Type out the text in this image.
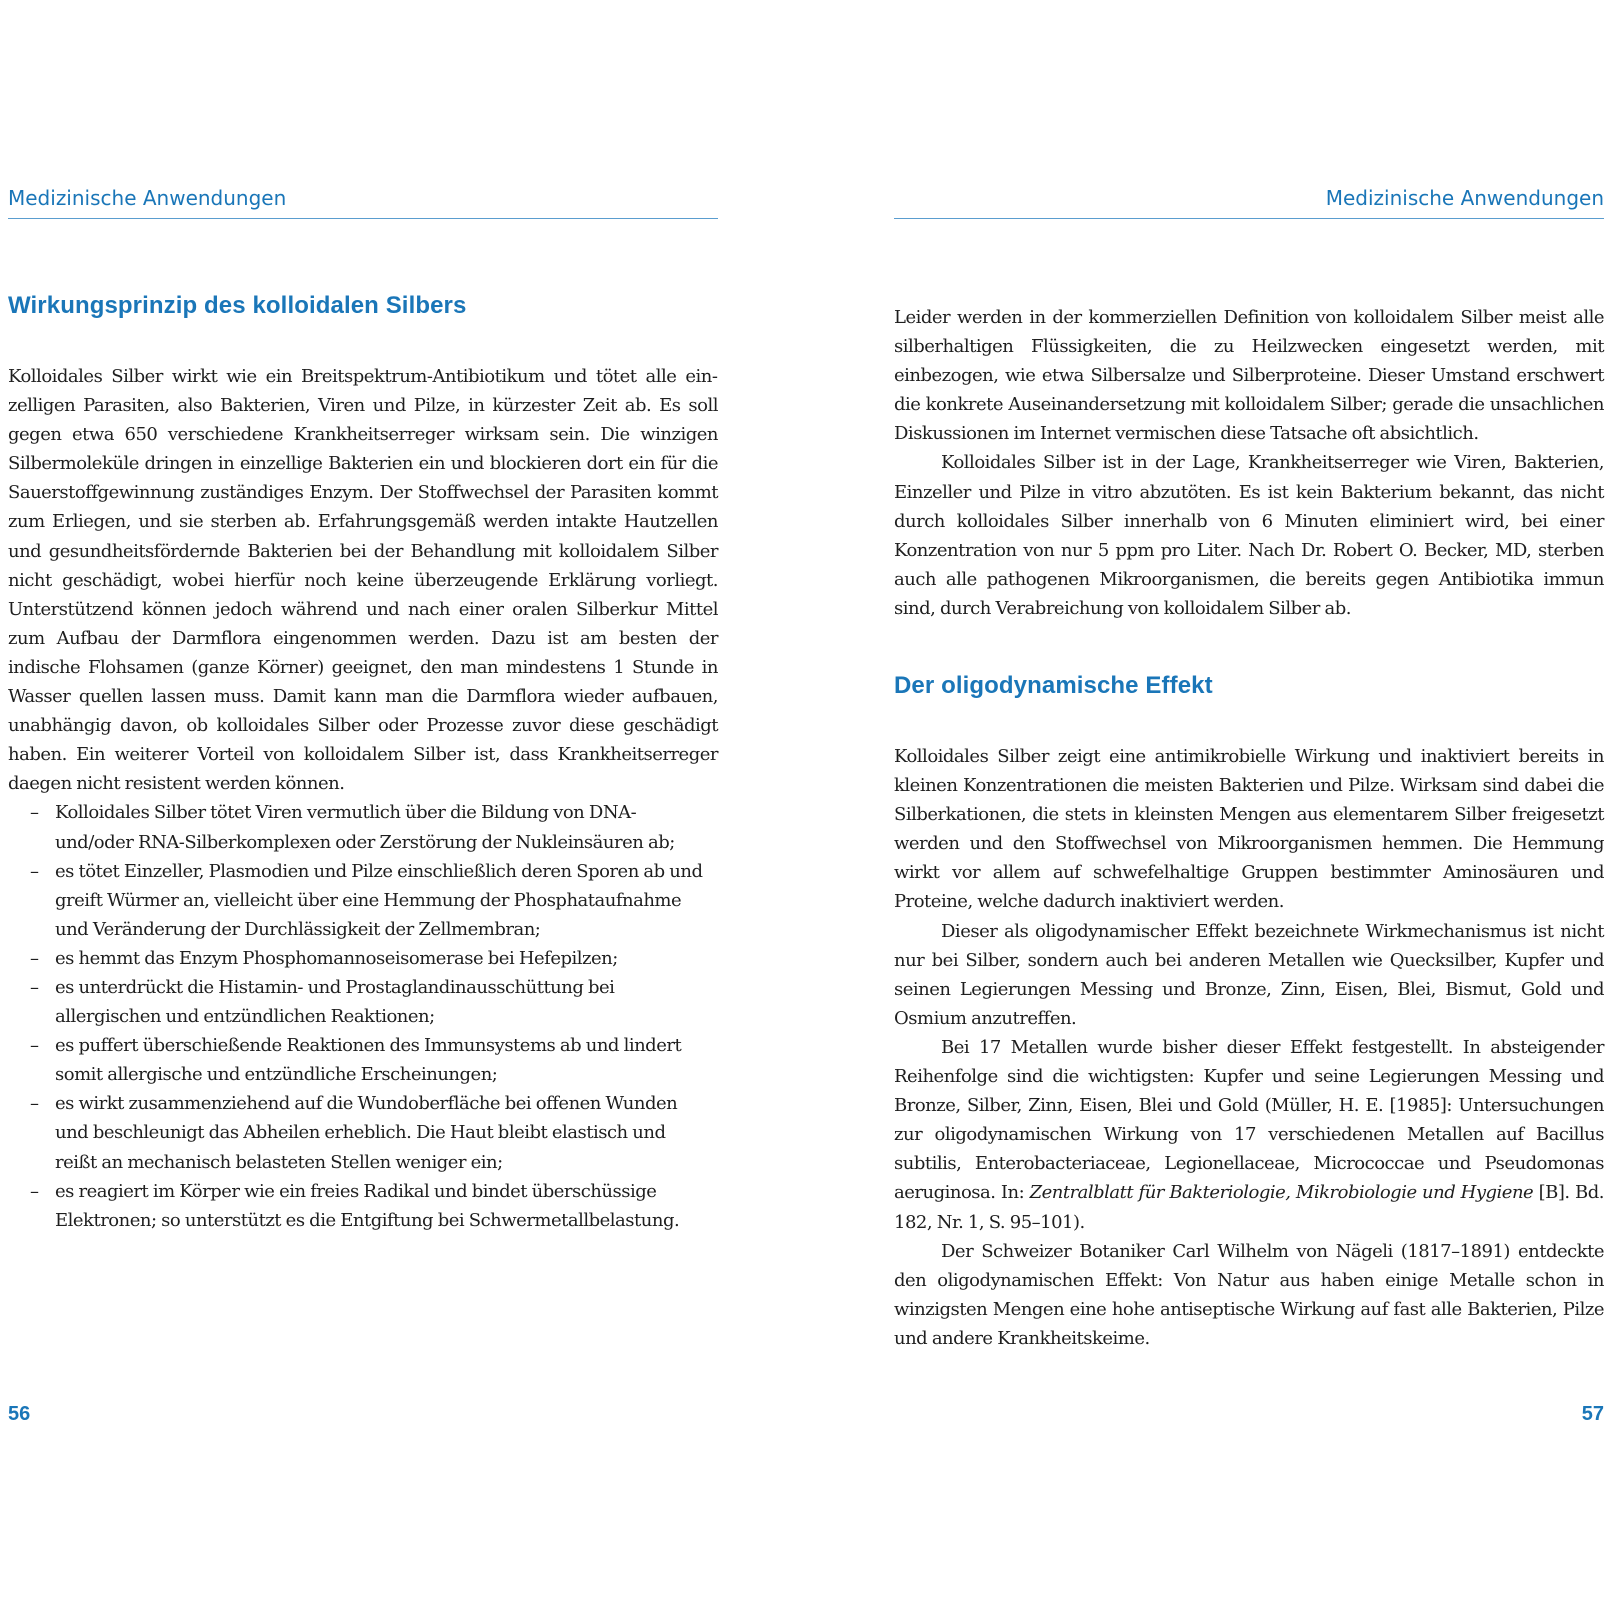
Medizinische Anwendungen
Wirkungsprinzip des kolloidalen Silbers

Kolloidales Silber wirkt wie ein Breitspektrum-Antibiotikum und tötet alle einzelligen Parasiten, also Bakterien, Viren und Pilze, in kürzester Zeit ab. Es soll gegen etwa 650 verschiedene Krankheitserreger wirksam sein. Die winzigen Silbermoleküle dringen in einzellige Bakterien ein und blockieren dort ein für die Sauerstoffgewinnung zuständiges Enzym. Der Stoffwechsel der Parasiten kommt zum Erliegen, und sie sterben ab. Erfahrungsgemäß werden intakte Hautzellen und gesundheitsfördernde Bakterien bei der Behandlung mit kolloidalem Silber nicht geschädigt, wobei hierfür noch keine überzeugende Erklärung vorliegt. Unterstützend können jedoch während und nach einer oralen Silberkur Mittel zum Aufbau der Darmflora eingenommen werden. Dazu ist am besten der indische Flohsamen (ganze Körner) geeignet, den man mindestens 1 Stunde in Wasser quellen lassen muss. Damit kann man die Darmflora wieder aufbauen, unabhängig davon, ob kolloidales Silber oder Prozesse zuvor diese geschädigt haben. Ein weiterer Vorteil von kolloidalem Silber ist, dass Krankheitserreger daegen nicht resistent werden können.

– Kolloidales Silber tötet Viren vermutlich über die Bildung von DNA- und/oder RNA-Silberkomplexen oder Zerstörung der Nukleinsäuren ab;
– es tötet Einzeller, Plasmodien und Pilze einschließlich deren Sporen ab und greift Würmer an, vielleicht über eine Hemmung der Phosphataufnahme und Veränderung der Durchlässigkeit der Zellmembran;
– es hemmt das Enzym Phosphomannoseisomerase bei Hefepilzen;
– es unterdrückt die Histamin- und Prostaglandinausschüttung bei allergischen und entzündlichen Reaktionen;
– es puffert überschießende Reaktionen des Immunsystems ab und lindert somit allergische und entzündliche Erscheinungen;
– es wirkt zusammenziehend auf die Wundoberfläche bei offenen Wunden und beschleunigt das Abheilen erheblich. Die Haut bleibt elastisch und reißt an mechanisch belasteten Stellen weniger ein;
– es reagiert im Körper wie ein freies Radikal und bindet überschüssige Elektronen; so unterstützt es die Entgiftung bei Schwermetallbelastung.
56
Medizinische Anwendungen

Leider werden in der kommerziellen Definition von kolloidalem Silber meist alle silberhaltigen Flüssigkeiten, die zu Heilzwecken eingesetzt werden, mit einbezogen, wie etwa Silbersalze und Silberproteine. Dieser Umstand erschwert die konkrete Auseinandersetzung mit kolloidalem Silber; gerade die unsachlichen Diskussionen im Internet vermischen diese Tatsache oft absichtlich.

Kolloidales Silber ist in der Lage, Krankheitserreger wie Viren, Bakterien, Einzeller und Pilze in vitro abzutöten. Es ist kein Bakterium bekannt, das nicht durch kolloidales Silber innerhalb von 6 Minuten eliminiert wird, bei einer Konzentration von nur 5 ppm pro Liter. Nach Dr. Robert O. Becker, MD, sterben auch alle pathogenen Mikroorganismen, die bereits gegen Antibiotika immun sind, durch Verabreichung von kolloidalem Silber ab.

Der oligodynamische Effekt

Kolloidales Silber zeigt eine antimikrobielle Wirkung und inaktiviert bereits in kleinen Konzentrationen die meisten Bakterien und Pilze. Wirksam sind dabei die Silberkationen, die stets in kleinsten Mengen aus elementarem Silber freigesetzt werden und den Stoffwechsel von Mikroorganismen hemmen. Die Hemmung wirkt vor allem auf schwefelhaltige Gruppen bestimmter Aminosäuren und Proteine, welche dadurch inaktiviert werden.

Dieser als oligodynamischer Effekt bezeichnete Wirkmechanismus ist nicht nur bei Silber, sondern auch bei anderen Metallen wie Quecksilber, Kupfer und seinen Legierungen Messing und Bronze, Zinn, Eisen, Blei, Bismut, Gold und Osmium anzutreffen.

Bei 17 Metallen wurde bisher dieser Effekt festgestellt. In absteigender Reihenfolge sind die wichtigsten: Kupfer und seine Legierungen Messing und Bronze, Silber, Zinn, Eisen, Blei und Gold (Müller, H. E. [1985]: Untersuchungen zur oligodynamischen Wirkung von 17 verschiedenen Metallen auf Bacillus subtilis, Enterobacteriaceae, Legionellaceae, Micrococcae und Pseudomonas aeruginosa. In: Zentralblatt für Bakteriologie, Mikrobiologie und Hygiene [B]. Bd. 182, Nr. 1, S. 95–101).

Der Schweizer Botaniker Carl Wilhelm von Nägeli (1817–1891) entdeckte den oligodynamischen Effekt: Von Natur aus haben einige Metalle schon in winzigsten Mengen eine hohe antiseptische Wirkung auf fast alle Bakterien, Pilze und andere Krankheitskeime.

57
